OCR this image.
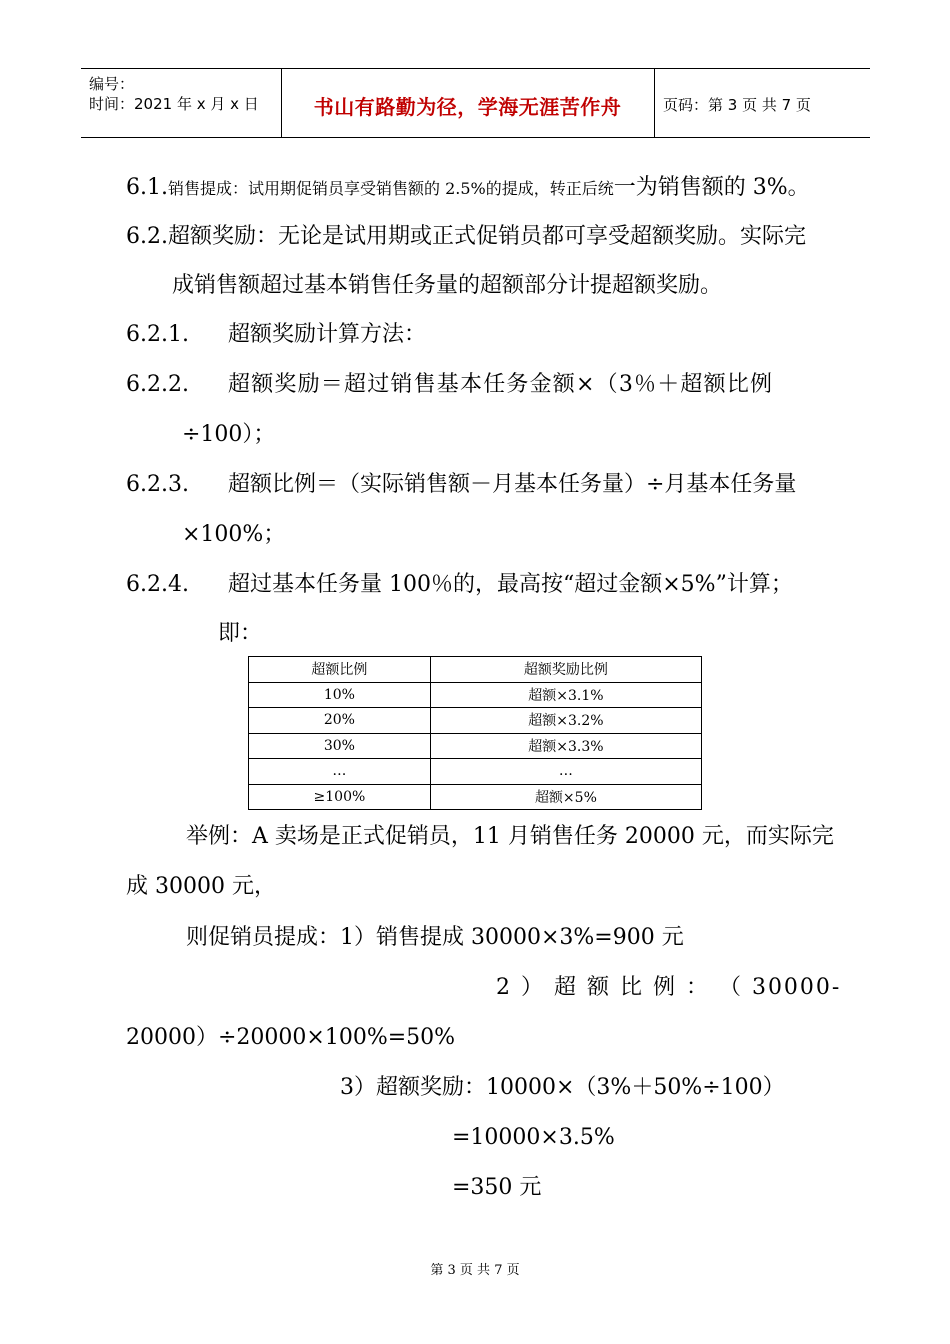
编号：
时间：2021 年 x 月 x 日	书山有路勤为径，学海无涯苦作舟	页码：第 3 页 共 7 页
6.1.销售提成：试用期促销员享受销售额的 2.5%的提成，转正后统一为销售额的 3%。
6.2.超额奖励：无论是试用期或正式促销员都可享受超额奖励。实际完
成销售额超过基本销售任务量的超额部分计提超额奖励。
6.2.1. 超额奖励计算方法：
6.2.2. 超额奖励＝超过销售基本任务金额×（3％＋超额比例
÷100）；
6.2.3. 超额比例＝（实际销售额－月基本任务量）÷月基本任务量
×100%；
6.2.4. 超过基本任务量 100％的，最高按“超过金额×5%”计算；
即：
超额比例	超额奖励比例
10%	超额×3.1%
20%	超额×3.2%
30%	超额×3.3%
…	…
≥100%	超额×5%
举例：A 卖场是正式促销员，11 月销售任务 20000 元，而实际完
成 30000 元，
则促销员提成：1）销售提成 30000×3%=900 元
2 ） 超 额 比 例 ： （ 30000-
20000）÷20000×100%=50%
3）超额奖励：10000×（3%＋50%÷100）
=10000×3.5%
=350 元
第 3 页 共 7 页
